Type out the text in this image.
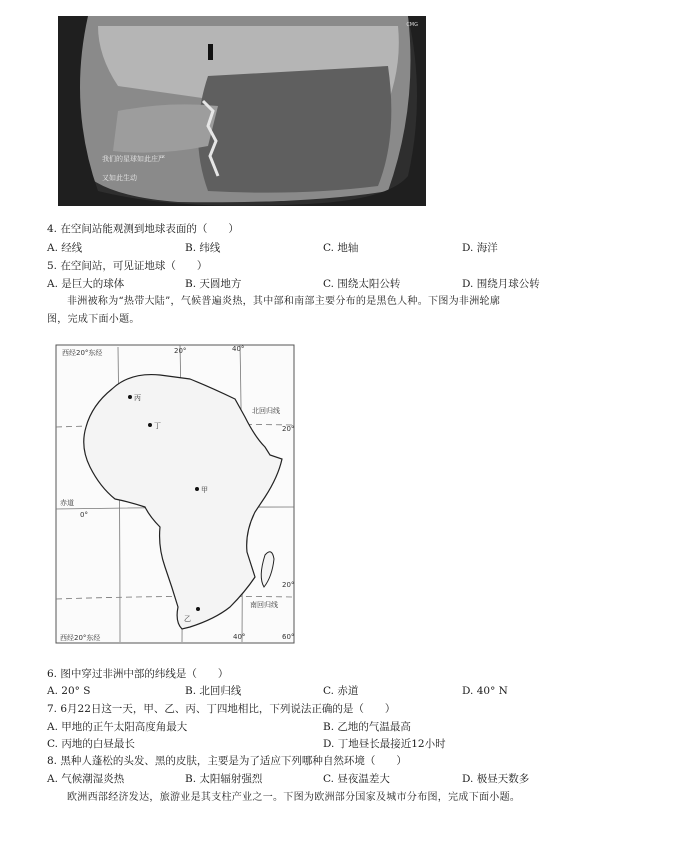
CMG
我们的星球如此庄严
又如此生动
4. 在空间站能观测到地球表面的（　　）
A. 经线	B. 纬线	C. 地轴	D. 海洋
5. 在空间站，可见证地球（　　）
A. 是巨大的球体	B. 天圆地方	C. 围绕太阳公转	D. 围绕月球公转
非洲被称为“热带大陆”，气候普遍炎热，其中部和南部主要分布的是黑色人种。下图为非洲轮廓
图，完成下面小题。
西经20°东经	20°	40°
北回归线
20°
赤道
0°
20°
南回归线
西经20°东经	40°	60°
丙
丁
甲
乙
6. 图中穿过非洲中部的纬线是（　　）
A. 20° S	B. 北回归线	C. 赤道	D. 40° N
7. 6月22日这一天，甲、乙、丙、丁四地相比，下列说法正确的是（　　）
A. 甲地的正午太阳高度角最大	B. 乙地的气温最高
C. 丙地的白昼最长	D. 丁地昼长最接近12小时
8. 黑种人蓬松的头发、黑的皮肤，主要是为了适应下列哪种自然环境（　　）
A. 气候潮湿炎热	B. 太阳辐射强烈	C. 昼夜温差大	D. 极昼天数多
欧洲西部经济发达，旅游业是其支柱产业之一。下图为欧洲部分国家及城市分布图，完成下面小题。
